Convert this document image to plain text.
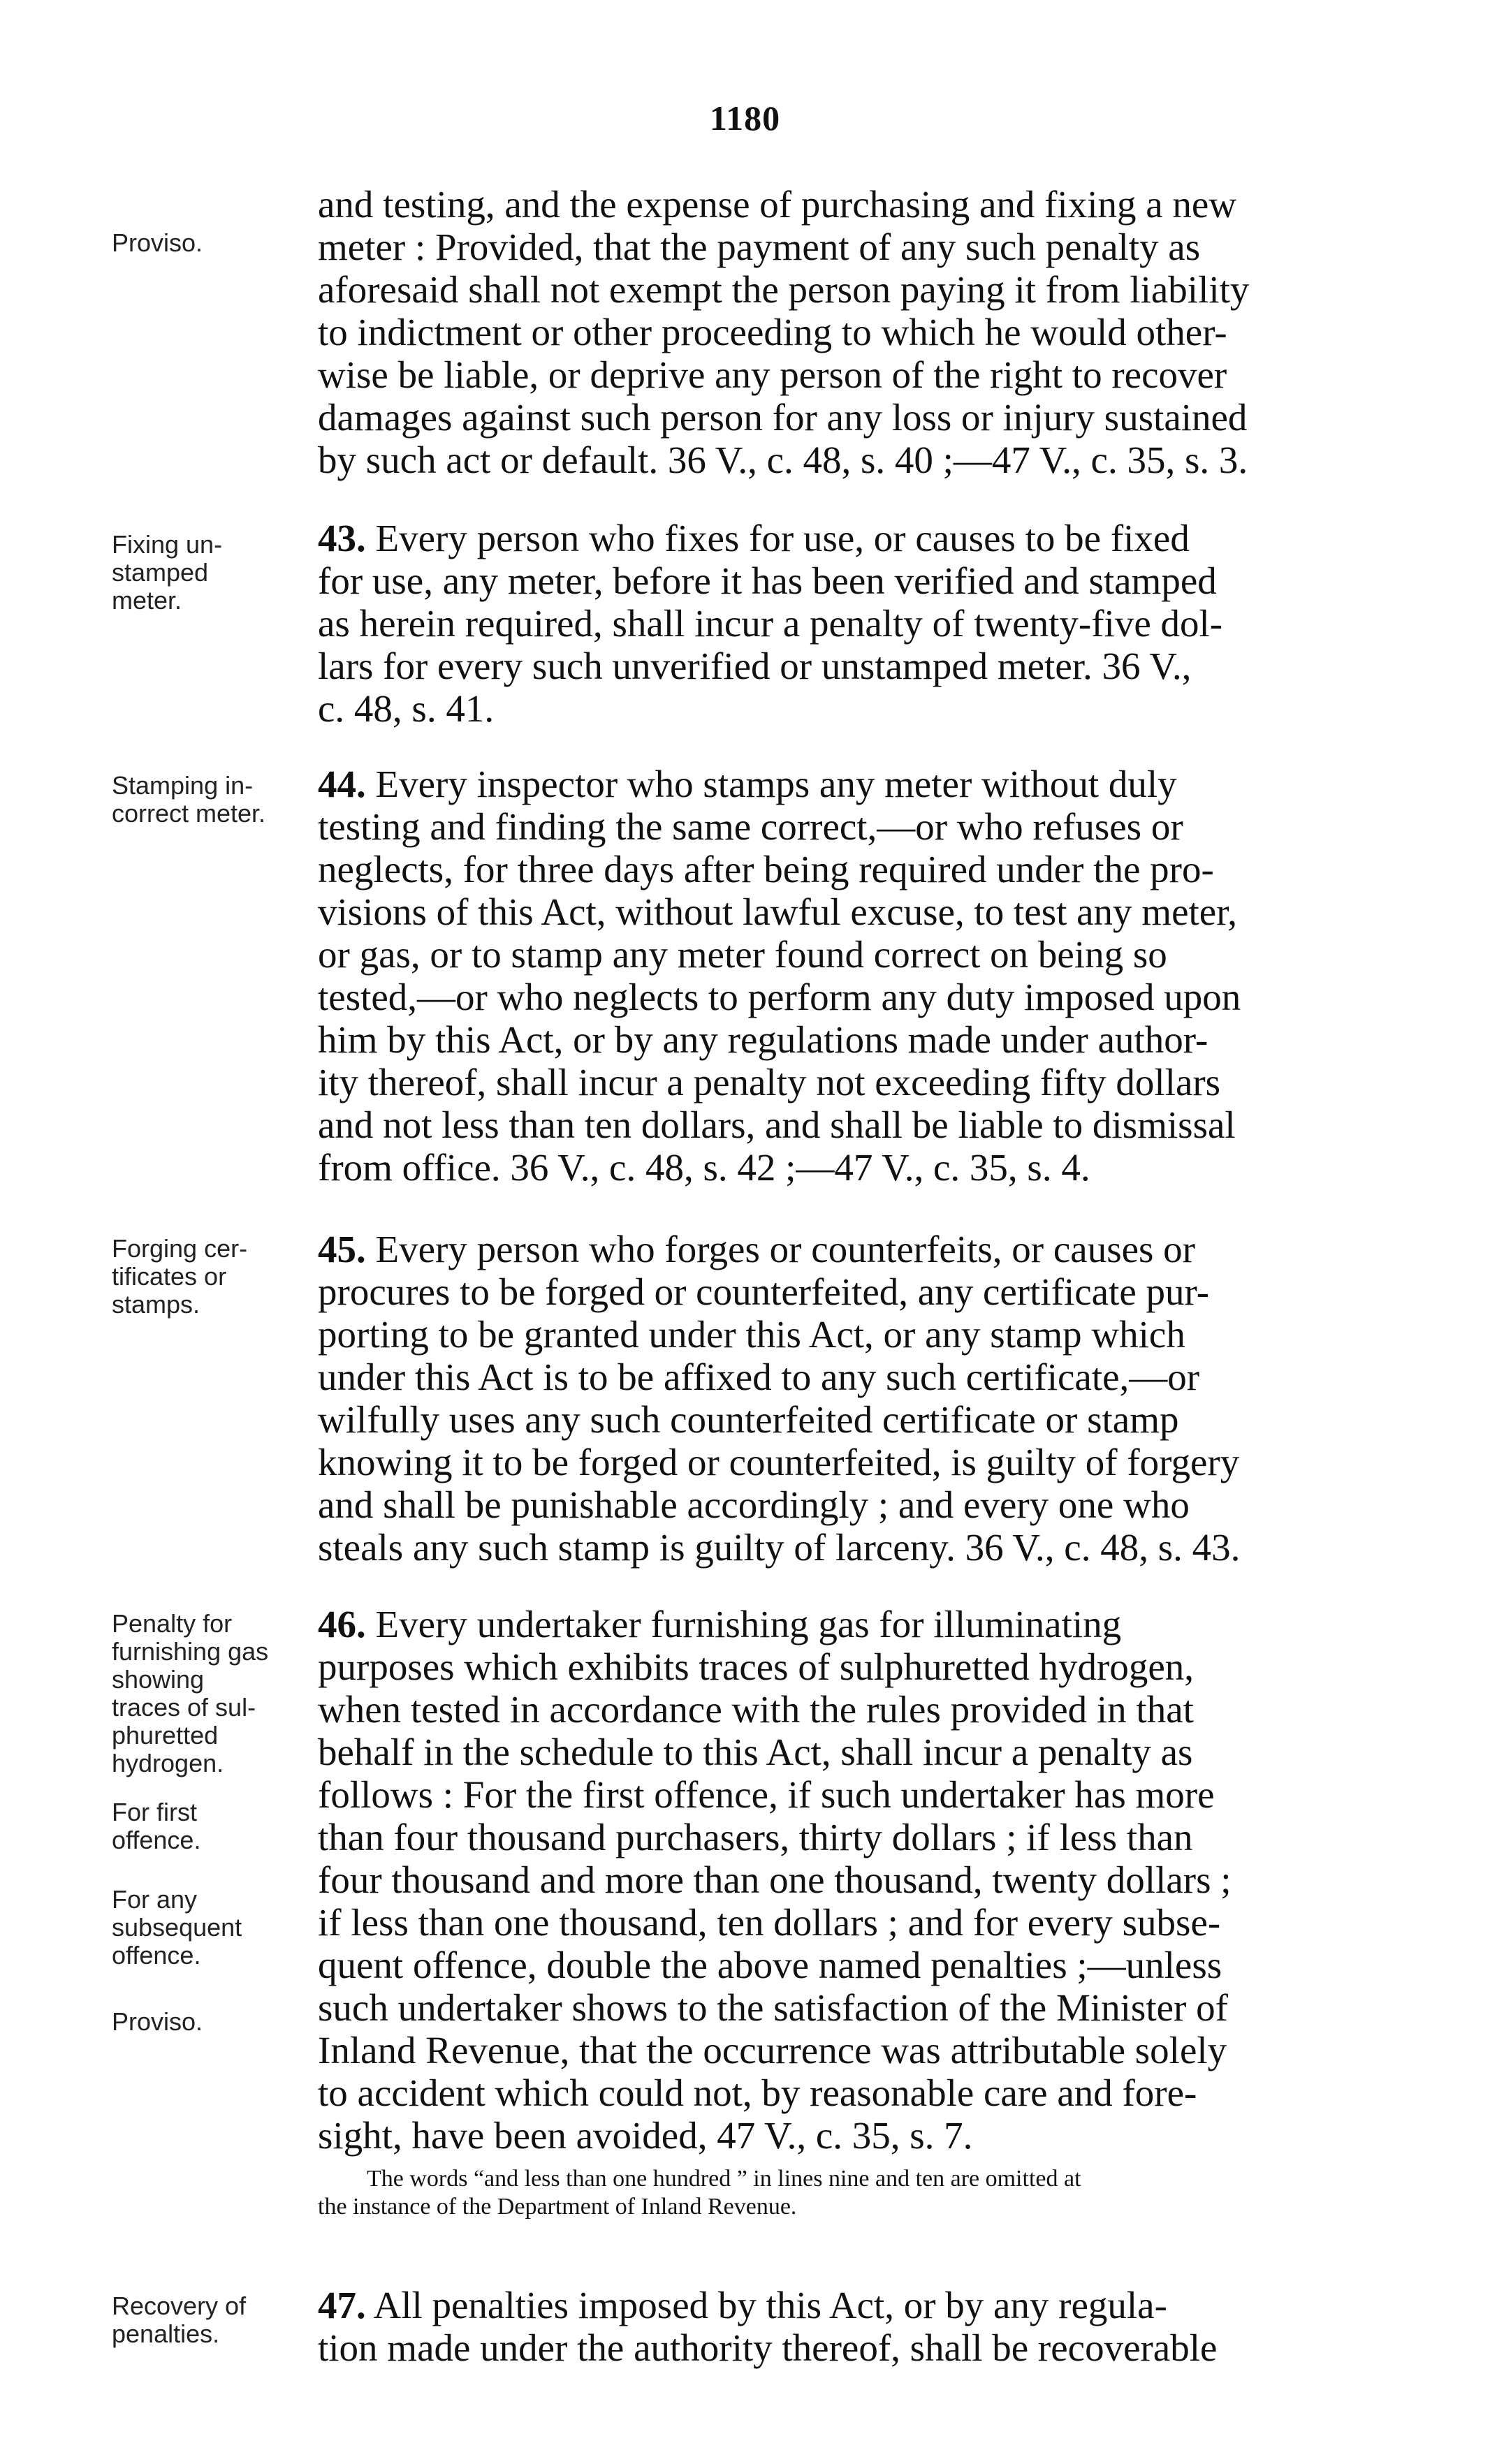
1180
Proviso.
and testing, and the expense of purchasing and fixing a new
meter : Provided, that the payment of any such penalty as
aforesaid shall not exempt the person paying it from liability
to indictment or other proceeding to which he would other-
wise be liable, or deprive any person of the right to recover
damages against such person for any loss or injury sustained
by such act or default. 36 V., c. 48, s. 40 ;—47 V., c. 35, s. 3.
Fixing un-
stamped
meter.
43. Every person who fixes for use, or causes to be fixed
for use, any meter, before it has been verified and stamped
as herein required, shall incur a penalty of twenty-five dol-
lars for every such unverified or unstamped meter. 36 V.,
c. 48, s. 41.
Stamping in-
correct meter.
44. Every inspector who stamps any meter without duly
testing and finding the same correct,—or who refuses or
neglects, for three days after being required under the pro-
visions of this Act, without lawful excuse, to test any meter,
or gas, or to stamp any meter found correct on being so
tested,—or who neglects to perform any duty imposed upon
him by this Act, or by any regulations made under author-
ity thereof, shall incur a penalty not exceeding fifty dollars
and not less than ten dollars, and shall be liable to dismissal
from office. 36 V., c. 48, s. 42 ;—47 V., c. 35, s. 4.
Forging cer-
tificates or
stamps.
45. Every person who forges or counterfeits, or causes or
procures to be forged or counterfeited, any certificate pur-
porting to be granted under this Act, or any stamp which
under this Act is to be affixed to any such certificate,—or
wilfully uses any such counterfeited certificate or stamp
knowing it to be forged or counterfeited, is guilty of forgery
and shall be punishable accordingly ; and every one who
steals any such stamp is guilty of larceny. 36 V., c. 48, s. 43.
Penalty for
furnishing gas
showing
traces of sul-
phuretted
hydrogen.
For first
offence.
For any
subsequent
offence.
Proviso.
46. Every undertaker furnishing gas for illuminating
purposes which exhibits traces of sulphuretted hydrogen,
when tested in accordance with the rules provided in that
behalf in the schedule to this Act, shall incur a penalty as
follows : For the first offence, if such undertaker has more
than four thousand purchasers, thirty dollars ; if less than
four thousand and more than one thousand, twenty dollars ;
if less than one thousand, ten dollars ; and for every subse-
quent offence, double the above named penalties ;—unless
such undertaker shows to the satisfaction of the Minister of
Inland Revenue, that the occurrence was attributable solely
to accident which could not, by reasonable care and fore-
sight, have been avoided, 47 V., c. 35, s. 7.
The words “and less than one hundred ” in lines nine and ten are omitted at
the instance of the Department of Inland Revenue.
Recovery of
penalties.
47. All penalties imposed by this Act, or by any regula-
tion made under the authority thereof, shall be recoverable
